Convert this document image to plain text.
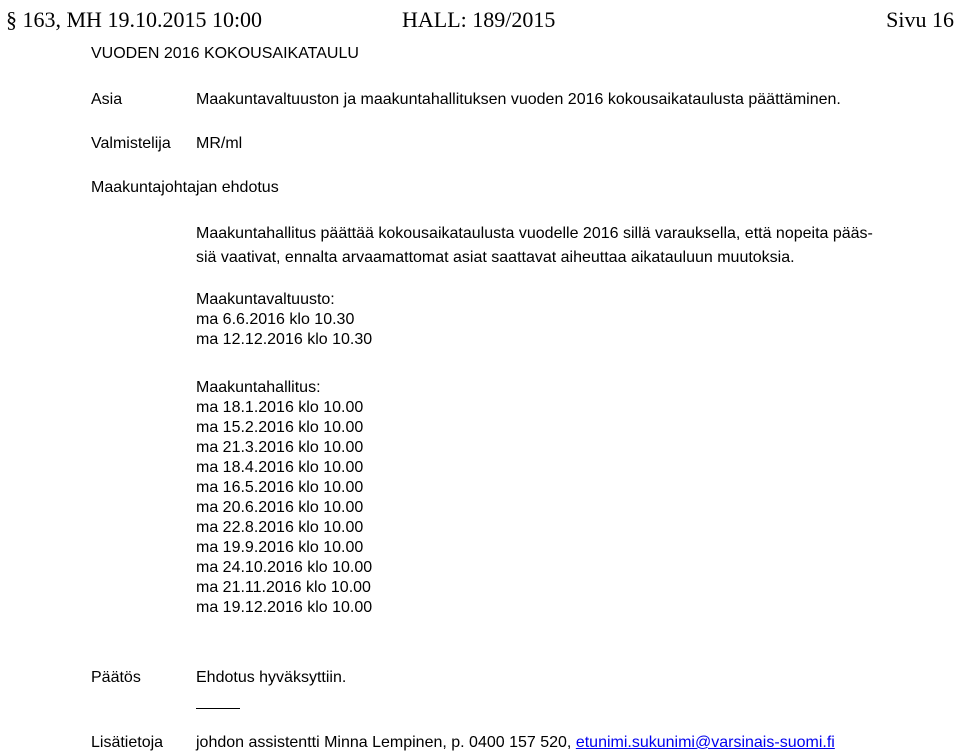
§ 163, MH 19.10.2015 10:00	HALL: 189/2015	Sivu 16
VUODEN 2016 KOKOUSAIKATAULU
Asia	Maakuntavaltuuston ja maakuntahallituksen vuoden 2016 kokousaikataulusta päättäminen.
Valmistelija MR/ml
Maakuntajohtajan ehdotus
Maakuntahallitus päättää kokousaikataulusta vuodelle 2016 sillä varauksella, että nopeita pääs-
siä vaativat, ennalta arvaamattomat asiat saattavat aiheuttaa aikatauluun muutoksia.
Maakuntavaltuusto:
ma 6.6.2016 klo 10.30
ma 12.12.2016 klo 10.30
Maakuntahallitus:
ma 18.1.2016 klo 10.00
ma 15.2.2016 klo 10.00
ma 21.3.2016 klo 10.00
ma 18.4.2016 klo 10.00
ma 16.5.2016 klo 10.00
ma 20.6.2016 klo 10.00
ma 22.8.2016 klo 10.00
ma 19.9.2016 klo 10.00
ma 24.10.2016 klo 10.00
ma 21.11.2016 klo 10.00
ma 19.12.2016 klo 10.00
Päätös	Ehdotus hyväksyttiin.
Lisätietoja johdon assistentti Minna Lempinen, p. 0400 157 520, etunimi.sukunimi@varsinais-suomi.fi
